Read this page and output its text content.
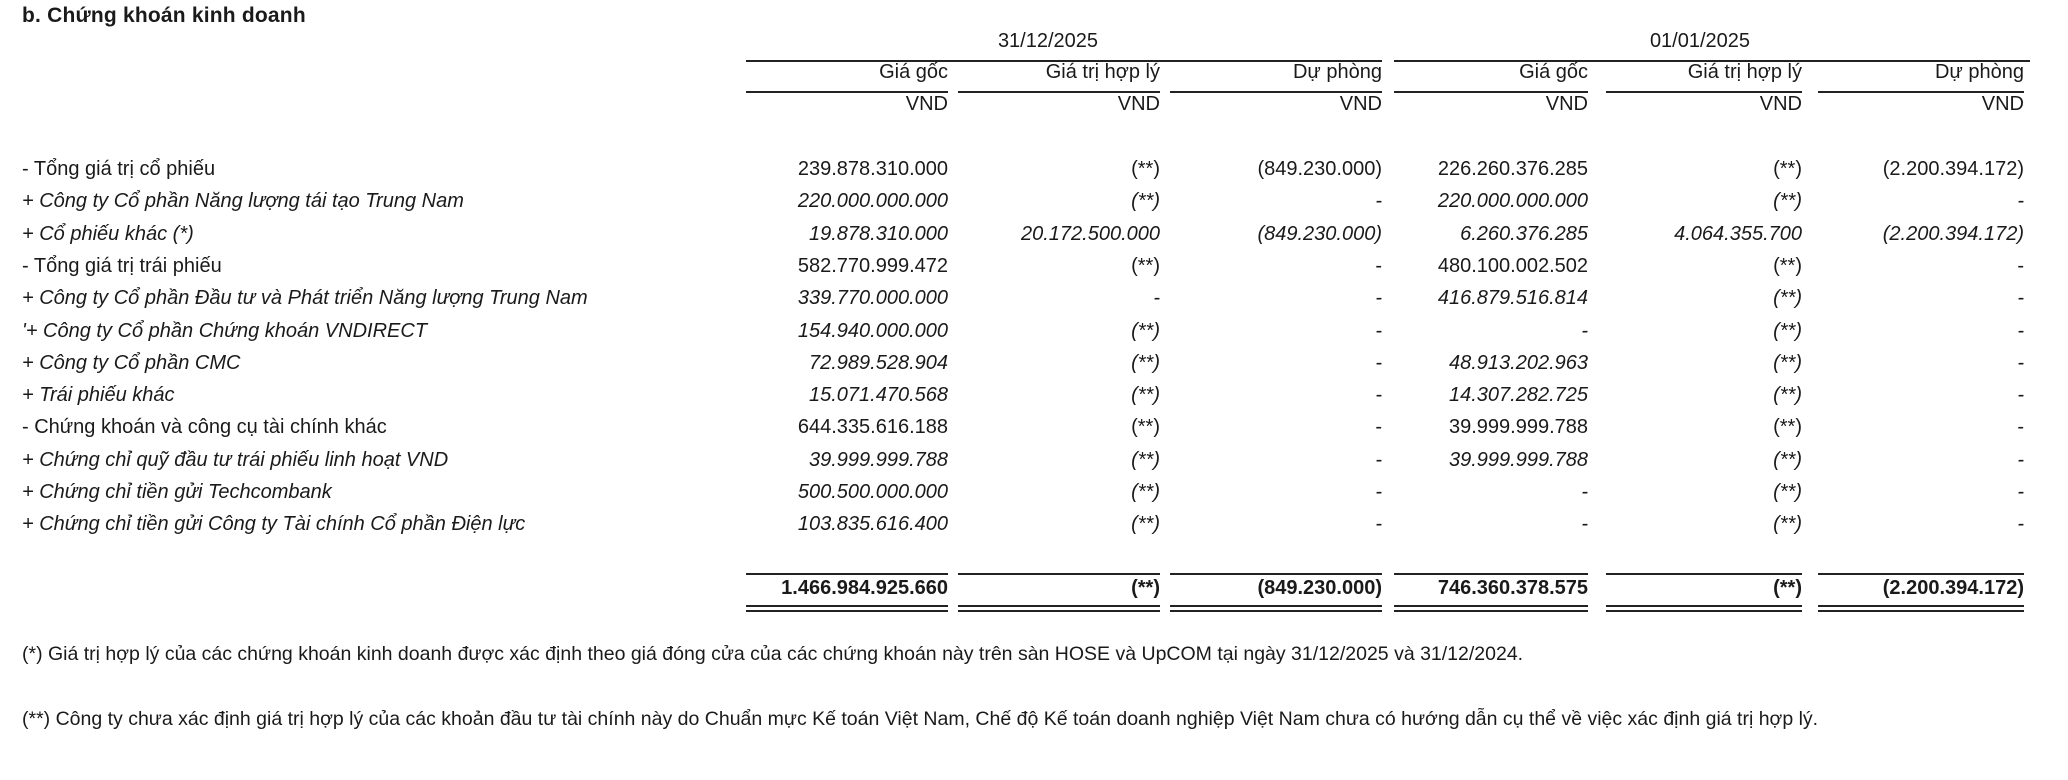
b. Chứng khoán kinh doanh
31/12/2025	01/01/2025
Giá gốc	Giá trị hợp lý	Dự phòng	Giá gốc	Giá trị hợp lý	Dự phòng
VND	VND	VND	VND	VND	VND
- Tổng giá trị cổ phiếu	239.878.310.000	(**)	(849.230.000)	226.260.376.285	(**)	(2.200.394.172)
+ Công ty Cổ phần Năng lượng tái tạo Trung Nam	220.000.000.000	(**)	-	220.000.000.000	(**)	-
+ Cổ phiếu khác (*)	19.878.310.000	20.172.500.000	(849.230.000)	6.260.376.285	4.064.355.700	(2.200.394.172)
- Tổng giá trị trái phiếu	582.770.999.472	(**)	-	480.100.002.502	(**)	-
+ Công ty Cổ phần Đầu tư và Phát triển Năng lượng Trung Nam	339.770.000.000	-	-	416.879.516.814	(**)	-
'+ Công ty Cổ phần Chứng khoán VNDIRECT	154.940.000.000	(**)	-	-	(**)	-
+ Công ty Cổ phần CMC	72.989.528.904	(**)	-	48.913.202.963	(**)	-
+ Trái phiếu khác	15.071.470.568	(**)	-	14.307.282.725	(**)	-
- Chứng khoán và công cụ tài chính khác	644.335.616.188	(**)	-	39.999.999.788	(**)	-
+ Chứng chỉ quỹ đầu tư trái phiếu linh hoạt VND	39.999.999.788	(**)	-	39.999.999.788	(**)	-
+ Chứng chỉ tiền gửi Techcombank	500.500.000.000	(**)	-	-	(**)	-
+ Chứng chỉ tiền gửi Công ty Tài chính Cổ phần Điện lực	103.835.616.400	(**)	-	-	(**)	-
1.466.984.925.660	(**)	(849.230.000)	746.360.378.575	(**)	(2.200.394.172)
(*) Giá trị hợp lý của các chứng khoán kinh doanh được xác định theo giá đóng cửa của các chứng khoán này trên sàn HOSE và UpCOM tại ngày 31/12/2025 và 31/12/2024.
(**) Công ty chưa xác định giá trị hợp lý của các khoản đầu tư tài chính này do Chuẩn mực Kế toán Việt Nam, Chế độ Kế toán doanh nghiệp Việt Nam chưa có hướng dẫn cụ thể về việc xác định giá trị hợp lý.
